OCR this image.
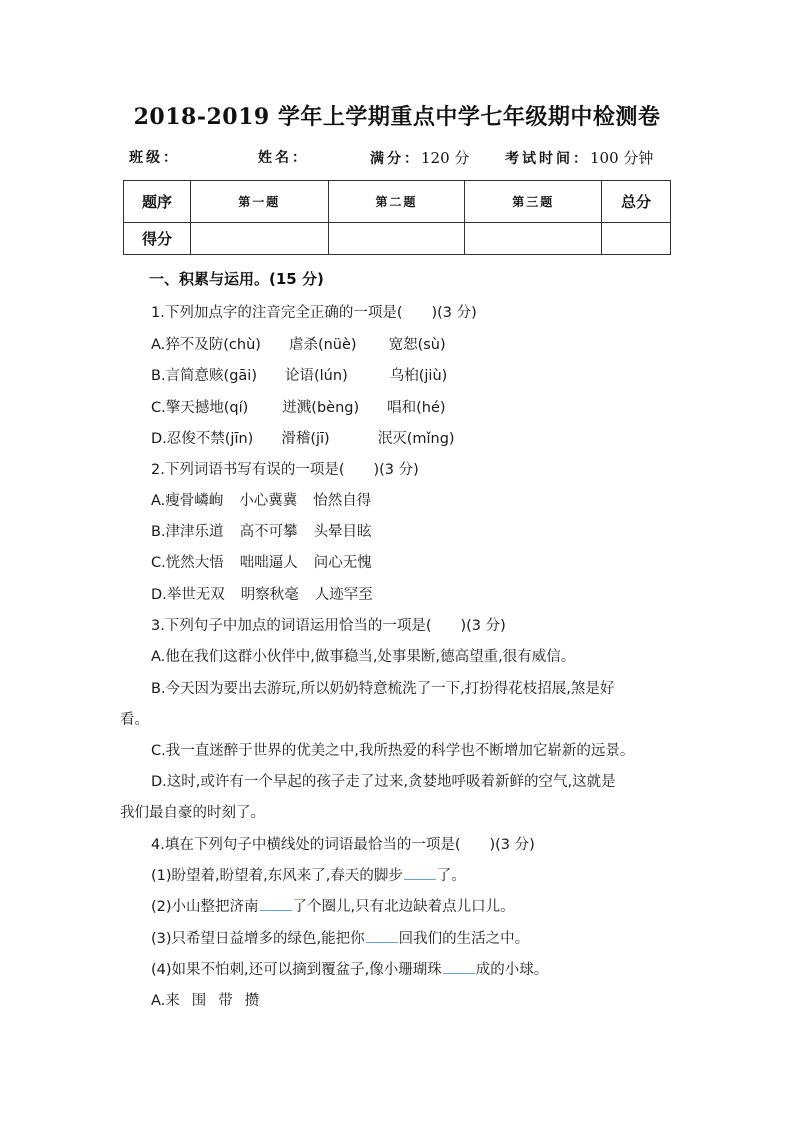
2018-2019 学年上学期重点中学七年级期中检测卷
班级：	姓名：	满分：120 分	考试时间：100 分钟
题序	第一题	第二题	第三题	总分
得分				
一、积累与运用。(15 分)
1.下列加点字的注音完全正确的一项是(　　)(3 分)
A.猝不及防(chù) 虐杀(nüè) 宽恕(sù)
B.言简意赅(gāi) 论语(lún)	乌桕(jiù)
C.擎天撼地(qí) 迸溅(bèng) 唱和(hé)
D.忍俊不禁(jīn) 滑稽(jī)	泯灭(mǐng)
2.下列词语书写有误的一项是(　　)(3 分)
A.瘦骨嶙峋 小心冀冀 怡然自得
B.津津乐道 高不可攀 头晕目眩
C.恍然大悟 咄咄逼人 问心无愧
D.举世无双 明察秋毫 人迹罕至
3.下列句子中加点的词语运用恰当的一项是(　　)(3 分)
A.他在我们这群小伙伴中,做事稳当,处事果断,德高望重,很有威信。
B.今天因为要出去游玩,所以奶奶特意梳洗了一下,打扮得花枝招展,煞是好
看。
C.我一直迷醉于世界的优美之中,我所热爱的科学也不断增加它崭新的远景。
D.这时,或许有一个早起的孩子走了过来,贪婪地呼吸着新鲜的空气,这就是
我们最自豪的时刻了。
4.填在下列句子中横线处的词语最恰当的一项是(　　)(3 分)
(1)盼望着,盼望着,东风来了,春天的脚步 了。
(2)小山整把济南 了个圈儿,只有北边缺着点儿口儿。
(3)只希望日益增多的绿色,能把你 回我们的生活之中。
(4)如果不怕刺,还可以摘到覆盆子,像小珊瑚珠 成的小球。
A.来 围 带 攒
